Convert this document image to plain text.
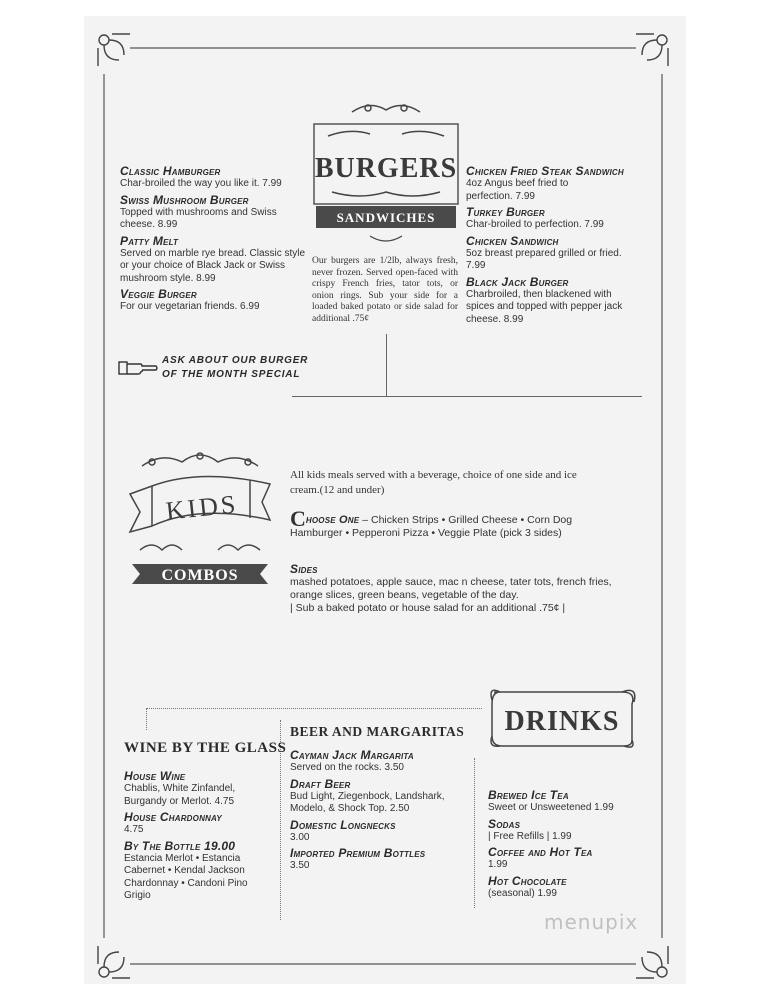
Classic Hamburger
Char-broiled the way you like it. 7.99
Swiss Mushroom Burger
Topped with mushrooms and Swiss cheese. 8.99
Patty Melt
Served on marble rye bread. Classic style or your choice of Black Jack or Swiss mushroom style. 8.99
Veggie Burger
For our vegetarian friends. 6.99
BURGERS
SANDWICHES
Our burgers are 1/2lb, always fresh, never frozen. Served open-faced with crispy French fries, tator tots, or onion rings. Sub your side for a loaded baked potato or side salad for additional .75¢
Chicken Fried Steak Sandwich
4oz Angus beef fried to perfection. 7.99
Turkey Burger
Char-broiled to perfection. 7.99
Chicken Sandwich
5oz breast prepared grilled or fried. 7.99
Black Jack Burger
Charbroiled, then blackened with spices and topped with pepper jack cheese. 8.99
ASK ABOUT OUR BURGER
OF THE MONTH SPECIAL
KIDS
COMBOS
All kids meals served with a beverage, choice of one side and ice cream.(12 and under)
Choose One – Chicken Strips • Grilled Cheese • Corn Dog
Hamburger • Pepperoni Pizza • Veggie Plate (pick 3 sides)
Sides
mashed potatoes, apple sauce, mac n cheese, tater tots, french fries,
orange slices, green beans, vegetable of the day.
| Sub a baked potato or house salad for an additional .75¢ |
DRINKS
WINE BY THE GLASS
House Wine
Chablis, White Zinfandel, Burgandy or Merlot. 4.75
House Chardonnay
4.75
By The Bottle 19.00
Estancia Merlot • Estancia Cabernet • Kendal Jackson Chardonnay • Candoni Pino Grigio
BEER AND MARGARITAS
Cayman Jack Margarita
Served on the rocks. 3.50
Draft Beer
Bud Light, Ziegenbock, Landshark, Modelo, & Shock Top. 2.50
Domestic Longnecks
3.00
Imported Premium Bottles
3.50
Brewed Ice Tea
Sweet or Unsweetened 1.99
Sodas
| Free Refills | 1.99
Coffee and Hot Tea
1.99
Hot Chocolate
(seasonal) 1.99
menupix
